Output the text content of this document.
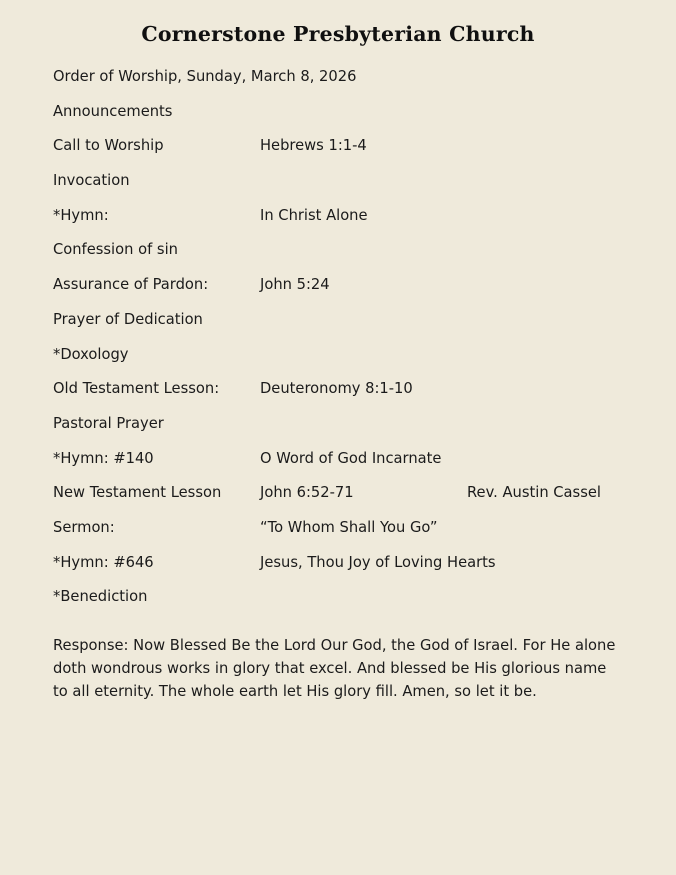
Cornerstone Presbyterian Church
Order of Worship, Sunday, March 8, 2026
Announcements
Call to Worship	Hebrews 1:1-4
Invocation
*Hymn:	In Christ Alone
Confession of sin
Assurance of Pardon:	John 5:24
Prayer of Dedication
*Doxology
Old Testament Lesson:	Deuteronomy 8:1-10
Pastoral Prayer
*Hymn: #140	O Word of God Incarnate
New Testament Lesson	John 6:52-71	Rev. Austin Cassel
Sermon:	“To Whom Shall You Go”
*Hymn: #646	Jesus, Thou Joy of Loving Hearts
*Benediction
Response: Now Blessed Be the Lord Our God, the God of Israel. For He alone doth wondrous works in glory that excel. And blessed be His glorious name to all eternity. The whole earth let His glory fill. Amen, so let it be.
